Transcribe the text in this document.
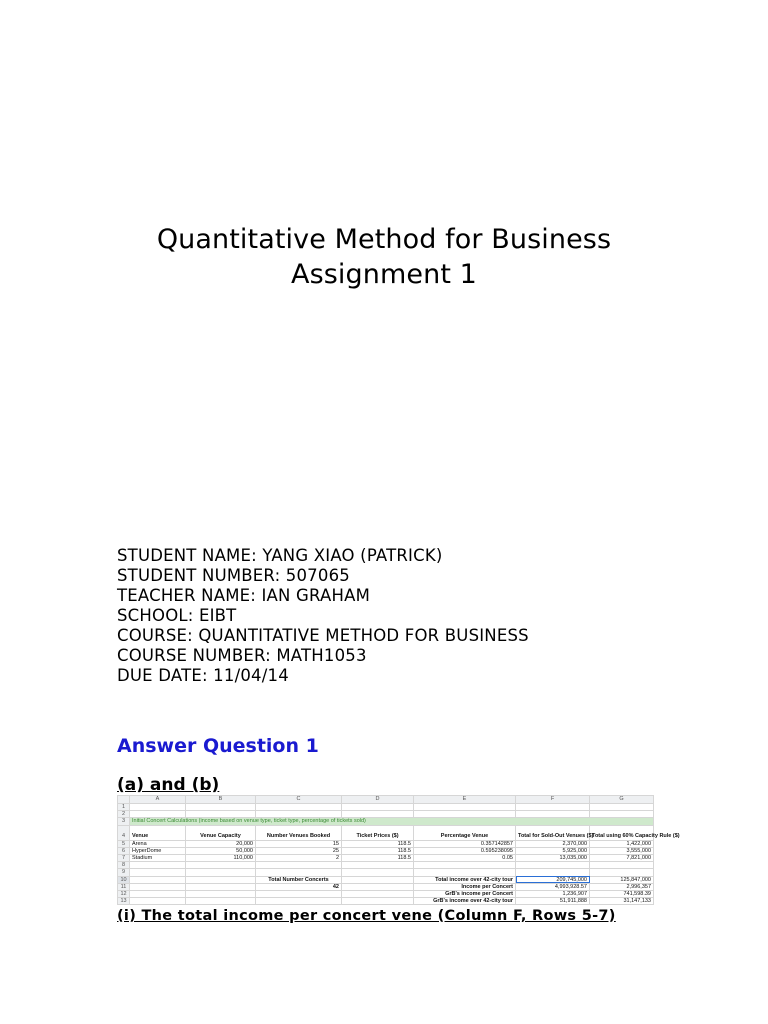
Quantitative Method for Business
Assignment 1
STUDENT NAME: YANG XIAO (PATRICK)
STUDENT NUMBER: 507065
TEACHER NAME: IAN GRAHAM
SCHOOL: EIBT
COURSE: QUANTITATIVE METHOD FOR BUSINESS
COURSE NUMBER: MATH1053
DUE DATE: 11/04/14
Answer Question 1
(a) and (b)
	A	B	C	D	E	F	G
1							
2							
3	Initial Concert Calculations (income based on venue type, ticket type, percentage of tickets sold)						
4	Venue	Venue Capacity	Number Venues Booked	Ticket Prices ($)	Percentage Venue	Total for Sold-Out Venues ($)	Total using 60% Capacity Rule ($)
5	Arena	20,000	15	118.5	0.357142857	2,370,000	1,422,000
6	HyperDome	50,000	25	118.5	0.595238095	5,925,000	3,555,000
7	Stadium	110,000	2	118.5	0.05	13,035,000	7,821,000
8							
9							
10			Total Number Concerts		Total income over 42-city tour	209,745,000	125,847,000
11			42		Income per Concert	4,993,928.57	2,996,357
12					GrB's income per Concert	1,236,907	741,598.39
13					GrB's income over 42-city tour	51,911,888	31,147,133
(i) The total income per concert vene (Column F, Rows 5-7)
